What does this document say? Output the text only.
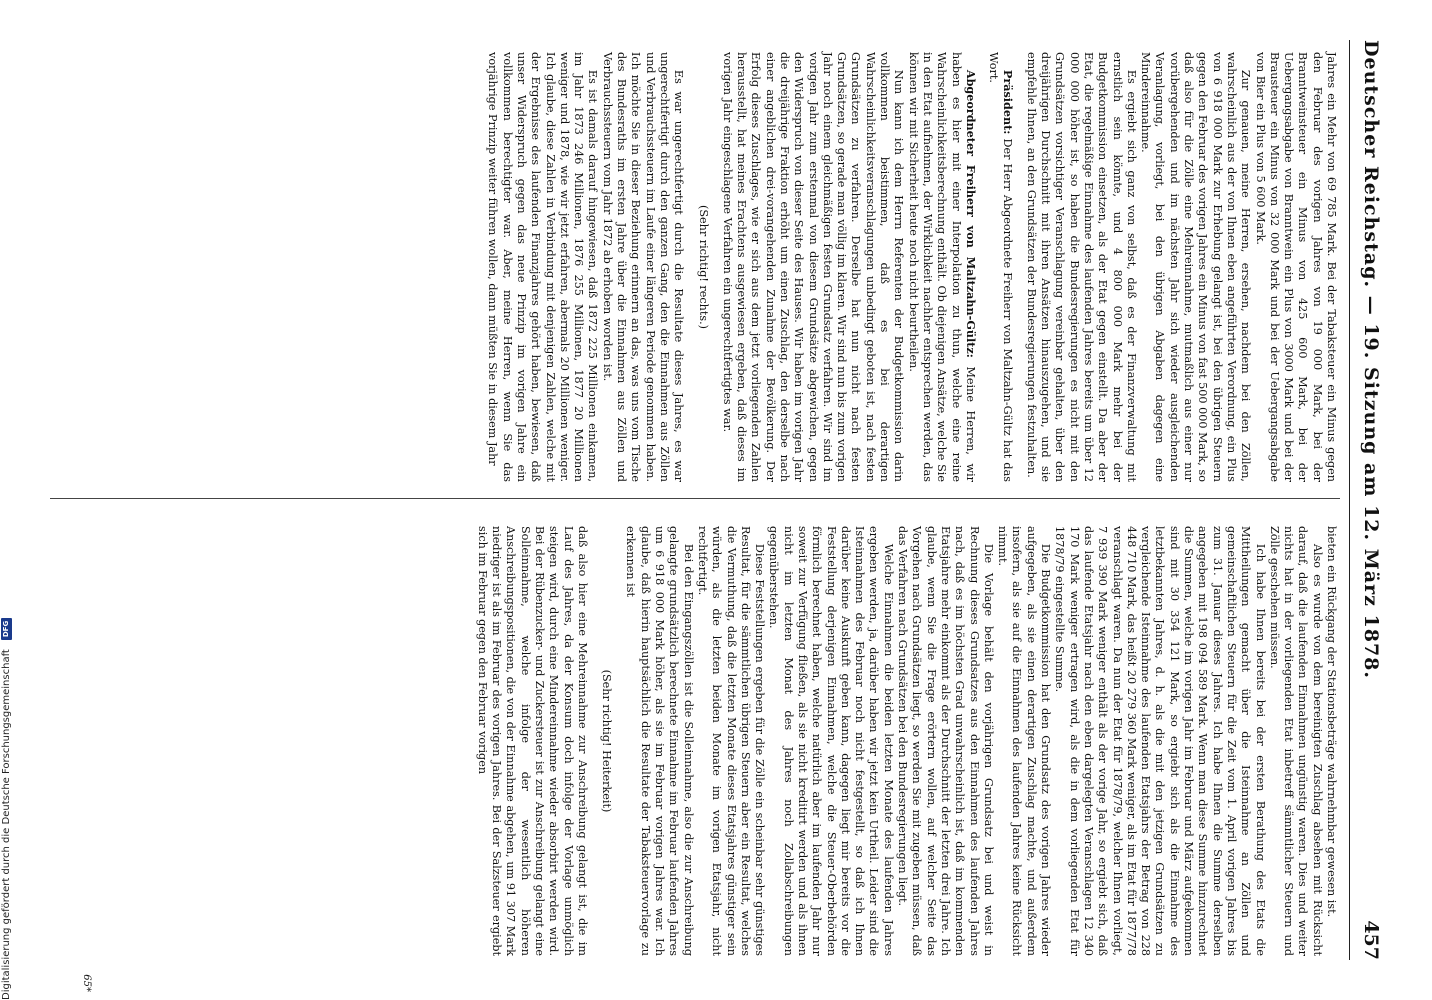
Deutscher Reichstag. — 19. Sitzung am 12. März 1878.
457

Jahres ein Mehr von 69 785 Mark. Bei der Tabaksteuer ein Minus gegen den Februar des vorigen Jahres von 19 000 Mark, bei der Branntweinsteuer ein Minus von 425 600 Mark, bei der Uebergangsabgabe von Branntwein ein Plus von 3000 Mark und bei der Brausteuer ein Minus von 32 000 Mark und bei der Uebergangsabgabe von Bier ein Plus von 5 600 Mark.

Zur genauen, meine Herren, ersehen, nachdem bei den Zöllen, wahrscheinlich aus der von Ihnen eben angeführten Verordnung, ein Plus von 6 918 000 Mark zur Erhebung gelangt ist, bei den übrigen Steuern gegen den Februar des vorigen Jahres ein Minus von fast 500 000 Mark, so daß also für die Zölle eine Mehreinnahme, mutmaßlich aus einer nur vorübergehenden und im nächsten Jahr sich wieder ausgleichenden Veranlagung, vorliegt, bei den übrigen Abgaben dagegen eine Mindereinnahme.

Es ergiebt sich ganz von selbst, daß es der Finanzverwaltung mit ernstlich sein könnte, und 4 800 000 Mark mehr bei der Budgetkommission einsetzen, als der Etat gegen einstellt. Da aber der Etat, die regelmäßige Einnahme des laufenden Jahres bereits um über 12 000 000 höher ist, so haben die Bundesregierungen es nicht mit den Grundsätzen vorsichtiger Veranschlagung vereinbar gehalten, über den dreijährigen Durchschnitt mit ihren Ansätzen hinauszugehen, und sie empfehle Ihnen, an den Grundsätzen der Bundesregierungen festzuhalten.

Präsident: Der Herr Abgeordnete Freiherr von Maltzahn-Gültz hat das Wort.

Abgeordneter Freiherr von Maltzahn-Gültz: Meine Herren, wir haben es hier mit einer Interpolation zu thun, welche eine reine Wahrscheinlichkeitsberechnung enthält. Ob diejenigen Ansätze, welche Sie in den Etat aufnehmen, der Wirklichkeit nachher entsprechen werden, das können wir mit Sicherheit heute noch nicht beurtheilen.

Nun kann ich dem Herrn Referenten der Budgetkommission darin vollkommen beistimmen, daß es bei derartigen Wahrscheinlichkeitsveranschlagungen unbedingt geboten ist, nach festen Grundsätzen zu verfahren. Derselbe hat nun nicht nach festen Grundsätzen, so gerade man völlig im klaren. Wir sind nun bis zum vorigen Jahr noch einem gleichmäßigen festen Grundsatz verfahren. Wir sind im vorigen Jahr zum erstenmal von diesem Grundsätze abgewichen, gegen den Widerspruch von dieser Seite des Hauses. Wir haben im vorigen Jahr die dreijährige Fraktion erhöht um einen Zuschlag, den derselbe nach einer angeblichen drei-vorangehenden Zunahme der Bevölkerung. Der Erfolg dieses Zuschlages, wie er sich aus dem jetzt vorliegenden Zahlen herausstellt, hat meines Erachtens ausgewiesen ergeben, daß dieses im vorigen Jahr eingeschlagene Verfahren ein ungerechtfertigtes war.

(Sehr richtig! rechts.)

Es war ungerechtfertigt durch die Resultate dieses Jahres, es war ungerechtfertigt durch den ganzen Gang, den die Einnahmen aus Zöllen und Verbrauchssteuern im Laufe einer längeren Periode genommen haben. Ich möchte Sie in dieser Beziehung erinnern an das, was uns vom Tische des Bundesraths im ersten Jahre über die Einnahmen aus Zöllen und Verbrauchssteuern vom Jahr 1872 ab erhoben worden ist.

Es ist damals darauf hingewiesen, daß 1872 225 Millionen einkamen, im Jahr 1873 246 Millionen, 1876 255 Millionen, 1877 20 Millionen weniger und 1878, wie wir jetzt erfahren, abermals 20 Millionen weniger. Ich glaube, diese Zahlen in Verbindung mit denjenigen Zahlen, welche mit der Ergebnisse des laufenden Finanzjahres gehört haben, bewiesen, daß unser Widerspruch gegen das neue Prinzip im vorigen Jahre ein vollkommen berechtigter war. Aber, meine Herren, wenn Sie das vorjährige Prinzip weiter führen wollen, dann müßten Sie in diesem Jahr

bieten ein Rückgang der Stationsbeträge wahrnehmbar gewesen ist.

Also es wurde von dem bereinigten Zuschlag absehen mit Rücksicht darauf, daß die laufenden Einnahmen ungünstig waren. Dies und weiter nichts hat in der vorliegenden Etat inbetreff sämmtlicher Steuern und Zölle geschehen müssen.

Ich habe Ihnen bereits bei der ersten Berathung des Etats die Mittheilungen gemacht über die Isteinnahme an Zöllen und gemeinschaftlichen Steuern für die Zeit vom 1. April vorigen Jahres bis zum 31. Januar dieses Jahres. Ich habe Ihnen die Summe derselben angegeben mit 198 094 589 Mark. Wenn man diese Summe hinzurechnet die Summen, welche im vorigen Jahr im Februar und März aufgekommen sind mit 30 354 121 Mark, so ergiebt sich als die Einnahme des letztbekannten Jahres, d. h. als die mit den jetzigen Grundsätzen zu vergleichende Isteinnahme des laufenden Etatsjahrs der Betrag von 228 448 710 Mark, das heißt 20 279 360 Mark weniger, als im Etat für 1877/78 veranschlagt waren. Da nun der Etat für 1878/79, welcher Ihnen vorliegt, 7 939 390 Mark weniger enthält als der vorige Jahr, so ergiebt sich, daß das laufende Etatsjahr nach den eben dargelegten Veranschlagen 12 340 170 Mark weniger ertragen wird, als die in dem vorliegenden Etat für 1878/79 eingestellte Summe.

Die Budgetkommission hat den Grundsatz des vorigen Jahres wieder aufgegeben, als sie einen derartigen Zuschlag machte, und außerdem insofern, als sie auf die Einnahmen des laufenden Jahres keine Rücksicht nimmt.

Die Vorlage behält den vorjährigen Grundsatz bei und weist in Rechnung dieses Grundsatzes aus den Einnahmen des laufenden Jahres nach, daß es im höchsten Grad unwahrscheinlich ist, daß im kommenden Etatsjahre mehr einkommt als der Durchschnitt der letzten drei Jahre. Ich glaube, wenn Sie die Frage erörtern wollen, auf welcher Seite das Vorgehen nach Grundsätzen liegt, so werden Sie mit zugeben müssen, daß das Verfahren nach Grundsätzen bei den Bundesregierungen liegt.

Welche Einnahmen die beiden letzten Monate des laufenden Jahres ergeben werden, ja, darüber haben wir jetzt kein Urtheil. Leider sind die Isteinnahmen des Februar noch nicht festgestellt, so daß ich Ihnen darüber keine Auskunft geben kann, dagegen liegt mir bereits vor die Feststellung derjenigen Einnahmen, welche die Steuer-Oberbehörden förmlich berechnet haben, welche natürlich aber im laufenden Jahr nur soweit zur Verfügung fließen, als sie nicht kreditirt werden und als ihnen nicht im letzten Monat des Jahres noch Zollabschreibungen gegenüberstehen.

Diese Feststellungen ergeben für die Zölle ein scheinbar sehr günstiges Resultat, für die sämmtlichen übrigen Steuern aber ein Resultat, welches die Vermuthung, daß die letzten Monate dieses Etatsjahres günstiger sein würden, als die letzten beiden Monate im vorigen Etatsjahr, nicht rechtfertigt.

Bei den Eingangszöllen ist die Solleinnahme, also die zur Anschreibung gelangte grundsätzlich berechnete Einnahme im Februar laufenden Jahres um 6 918 000 Mark höher, als sie im Februar vorigen Jahres war. Ich glaube, daß hierin hauptsächlich die Resultate der Tabaksteuervorlage zu erkennen ist

(Sehr richtig! Heiterkeit)

daß also hier eine Mehreinnahme zur Anschreibung gelangt ist, die im Lauf des Jahres, da der Konsum doch infolge der Vorlage unmöglich steigen wird, durch eine Mindereinnahme wieder absorbirt werden wird. Bei der Rübenzucker- und Zuckersteuer ist zur Anschreibung gelangt eine Solleinnahme, welche infolge der wesentlich höheren Anschreibungspositionen, die von der Einnahme abgehen, um 91 307 Mark niedriger ist als im Februar des vorigen Jahres. Bei der Salzsteuer ergiebt sich im Februar gegen den Februar vorigen

65*
Digitalisierung gefördert durch die Deutsche Forschungsgemeinschaft DFG
